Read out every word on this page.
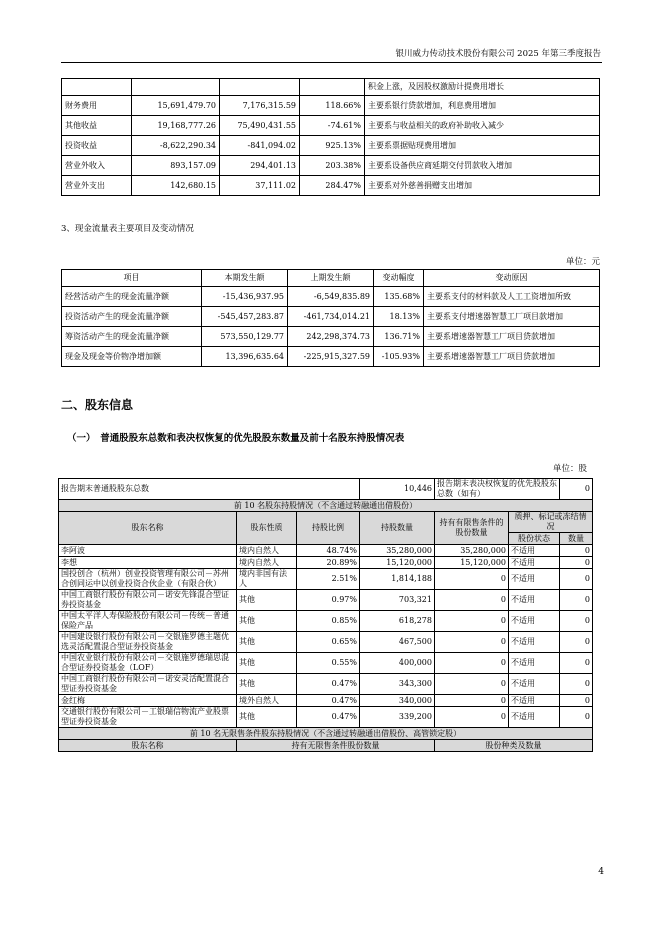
银川威力传动技术股份有限公司 2025 年第三季度报告
				积金上涨，及因股权激励计提费用增长
财务费用	15,691,479.70	7,176,315.59	118.66%	主要系银行贷款增加，利息费用增加
其他收益	19,168,777.26	75,490,431.55	-74.61%	主要系与收益相关的政府补助收入减少
投资收益	-8,622,290.34	-841,094.02	925.13%	主要系票据贴现费用增加
营业外收入	893,157.09	294,401.13	203.38%	主要系设备供应商延期交付罚款收入增加
营业外支出	142,680.15	37,111.02	284.47%	主要系对外慈善捐赠支出增加
3、现金流量表主要项目及变动情况
单位：元
项目	本期发生额	上期发生额	变动幅度	变动原因
经营活动产生的现金流量净额	-15,436,937.95	-6,549,835.89	135.68%	主要系支付的材料款及人工工资增加所致
投资活动产生的现金流量净额	-545,457,283.87	-461,734,014.21	18.13%	主要系支付增速器智慧工厂项目款增加
筹资活动产生的现金流量净额	573,550,129.77	242,298,374.73	136.71%	主要系增速器智慧工厂项目贷款增加
现金及现金等价物净增加额	13,396,635.64	-225,915,327.59	-105.93%	主要系增速器智慧工厂项目贷款增加
二、股东信息
（一）　普通股股东总数和表决权恢复的优先股股东数量及前十名股东持股情况表
单位：股
报告期末普通股股东总数			10,446	报告期末表决权恢复的优先股股东总数（如有）		0
前 10 名股东持股情况（不含通过转融通出借股份）						
股东名称	股东性质	持股比例	持股数量	持有有限售条件的股份数量	质押、标记或冻结情况	
					股份状态	数量
李阿波	境内自然人	48.74%	35,280,000	35,280,000	不适用	0
李想	境内自然人	20.89%	15,120,000	15,120,000	不适用	0
国投创合（杭州）创业投资管理有限公司－苏州合创同运中以创业投资合伙企业（有限合伙）	境内非国有法人	2.51%	1,814,188	0	不适用	0
中国工商银行股份有限公司－诺安先锋混合型证券投资基金	其他	0.97%	703,321	0	不适用	0
中国太平洋人寿保险股份有限公司－传统－普通保险产品	其他	0.85%	618,278	0	不适用	0
中国建设银行股份有限公司－交银施罗德主题优选灵活配置混合型证券投资基金	其他	0.65%	467,500	0	不适用	0
中国农业银行股份有限公司－交银施罗德瑞思混合型证券投资基金（LOF）	其他	0.55%	400,000	0	不适用	0
中国工商银行股份有限公司－诺安灵活配置混合型证券投资基金	其他	0.47%	343,300	0	不适用	0
金红梅	境外自然人	0.47%	340,000	0	不适用	0
交通银行股份有限公司－工银瑞信物流产业股票型证券投资基金	其他	0.47%	339,200	0	不适用	0
前 10 名无限售条件股东持股情况（不含通过转融通出借股份、高管锁定股）						
股东名称	持有无限售条件股份数量			股份种类及数量		
4
